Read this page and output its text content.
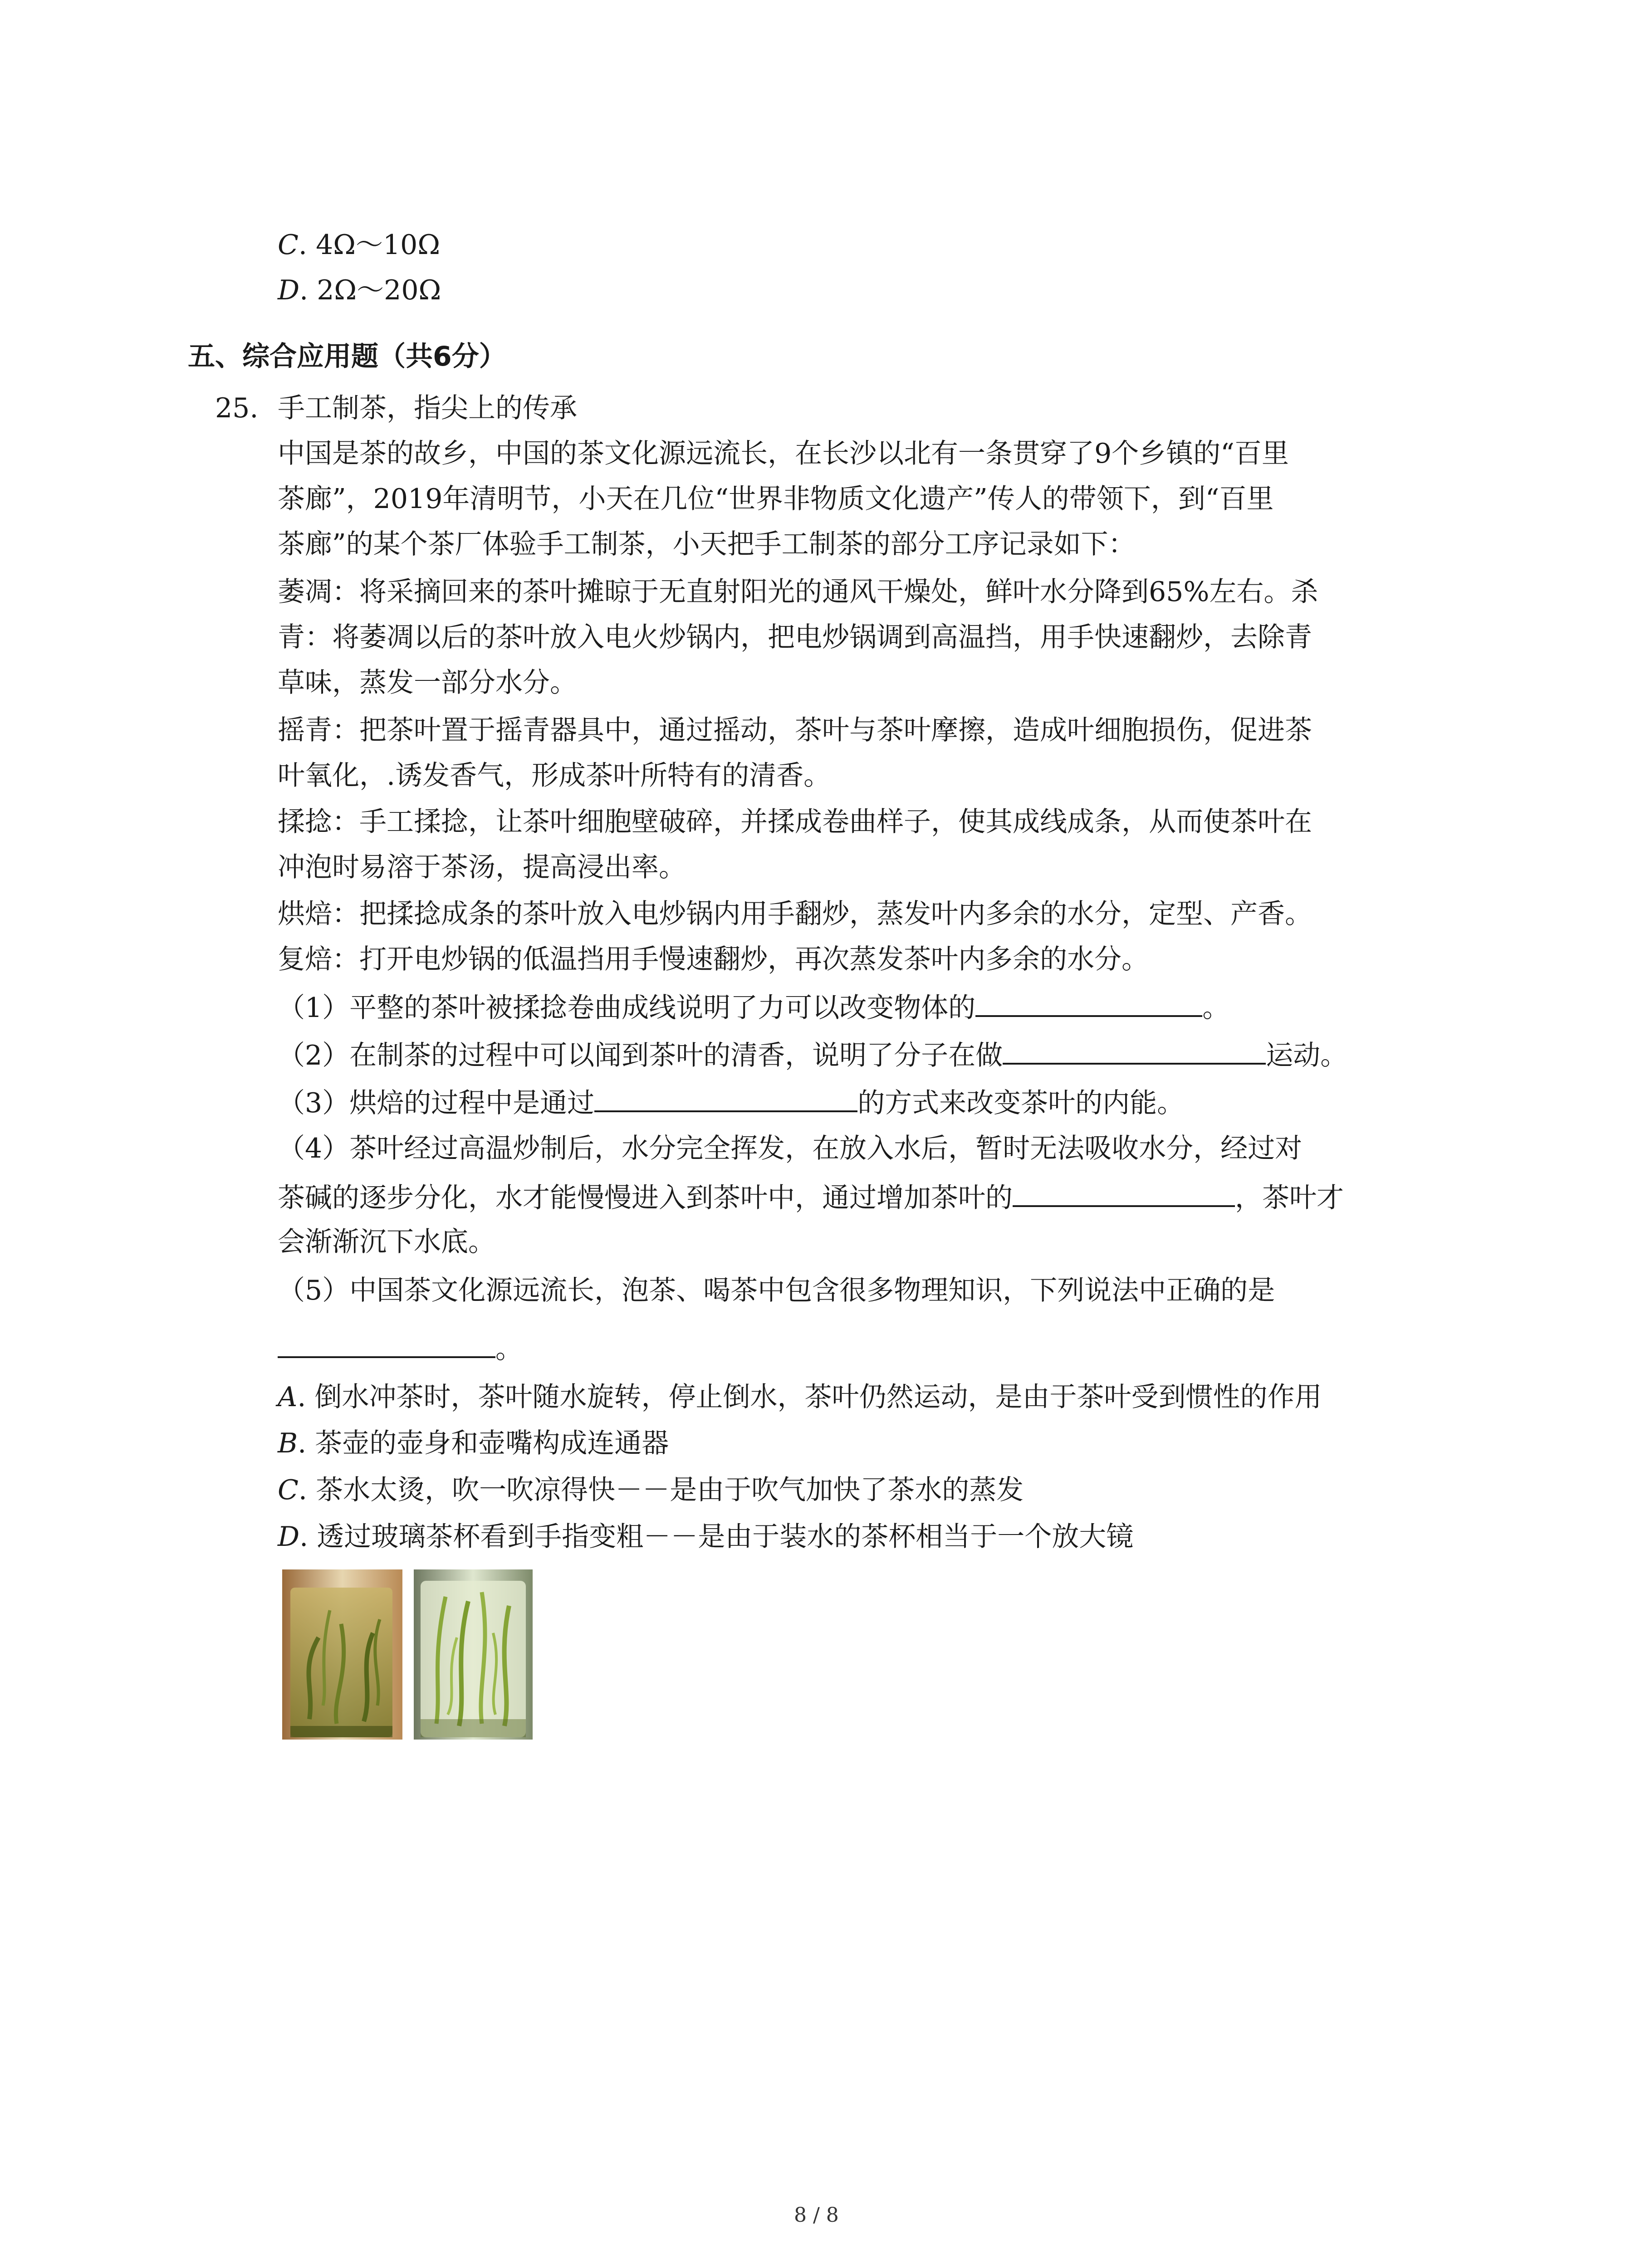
C. 4Ω～10Ω
D. 2Ω～20Ω
五、综合应用题（共6分）
25. 手工制茶，指尖上的传承
中国是茶的故乡，中国的茶文化源远流长，在长沙以北有一条贯穿了9个乡镇的“百里
茶廊”，2019年清明节，小天在几位“世界非物质文化遗产”传人的带领下，到“百里
茶廊”的某个茶厂体验手工制茶，小天把手工制茶的部分工序记录如下：
萎凋：将采摘回来的茶叶摊晾于无直射阳光的通风干燥处，鲜叶水分降到65%左右。杀
青：将萎凋以后的茶叶放入电火炒锅内，把电炒锅调到高温挡，用手快速翻炒，去除青
草味，蒸发一部分水分。
摇青：把茶叶置于摇青器具中，通过摇动，茶叶与茶叶摩擦，造成叶细胞损伤，促进茶
叶氧化，.诱发香气，形成茶叶所特有的清香。
揉捻：手工揉捻，让茶叶细胞壁破碎，并揉成卷曲样子，使其成线成条，从而使茶叶在
冲泡时易溶于茶汤，提高浸出率。
烘焙：把揉捻成条的茶叶放入电炒锅内用手翻炒，蒸发叶内多余的水分，定型、产香。
复焙：打开电炒锅的低温挡用手慢速翻炒，再次蒸发茶叶内多余的水分。
（1）平整的茶叶被揉捻卷曲成线说明了力可以改变物体的	。
（2）在制茶的过程中可以闻到茶叶的清香，说明了分子在做	运动。
（3）烘焙的过程中是通过	的方式来改变茶叶的内能。
（4）茶叶经过高温炒制后，水分完全挥发，在放入水后，暂时无法吸收水分，经过对
茶碱的逐步分化，水才能慢慢进入到茶叶中，通过增加茶叶的	，茶叶才
会渐渐沉下水底。
（5）中国茶文化源远流长，泡茶、喝茶中包含很多物理知识，下列说法中正确的是
。
A. 倒水冲茶时，茶叶随水旋转，停止倒水，茶叶仍然运动，是由于茶叶受到惯性的作用
B. 茶壶的壶身和壶嘴构成连通器
C. 茶水太烫，吹一吹凉得快－－是由于吹气加快了茶水的蒸发
D. 透过玻璃茶杯看到手指变粗－－是由于装水的茶杯相当于一个放大镜
8 / 8
